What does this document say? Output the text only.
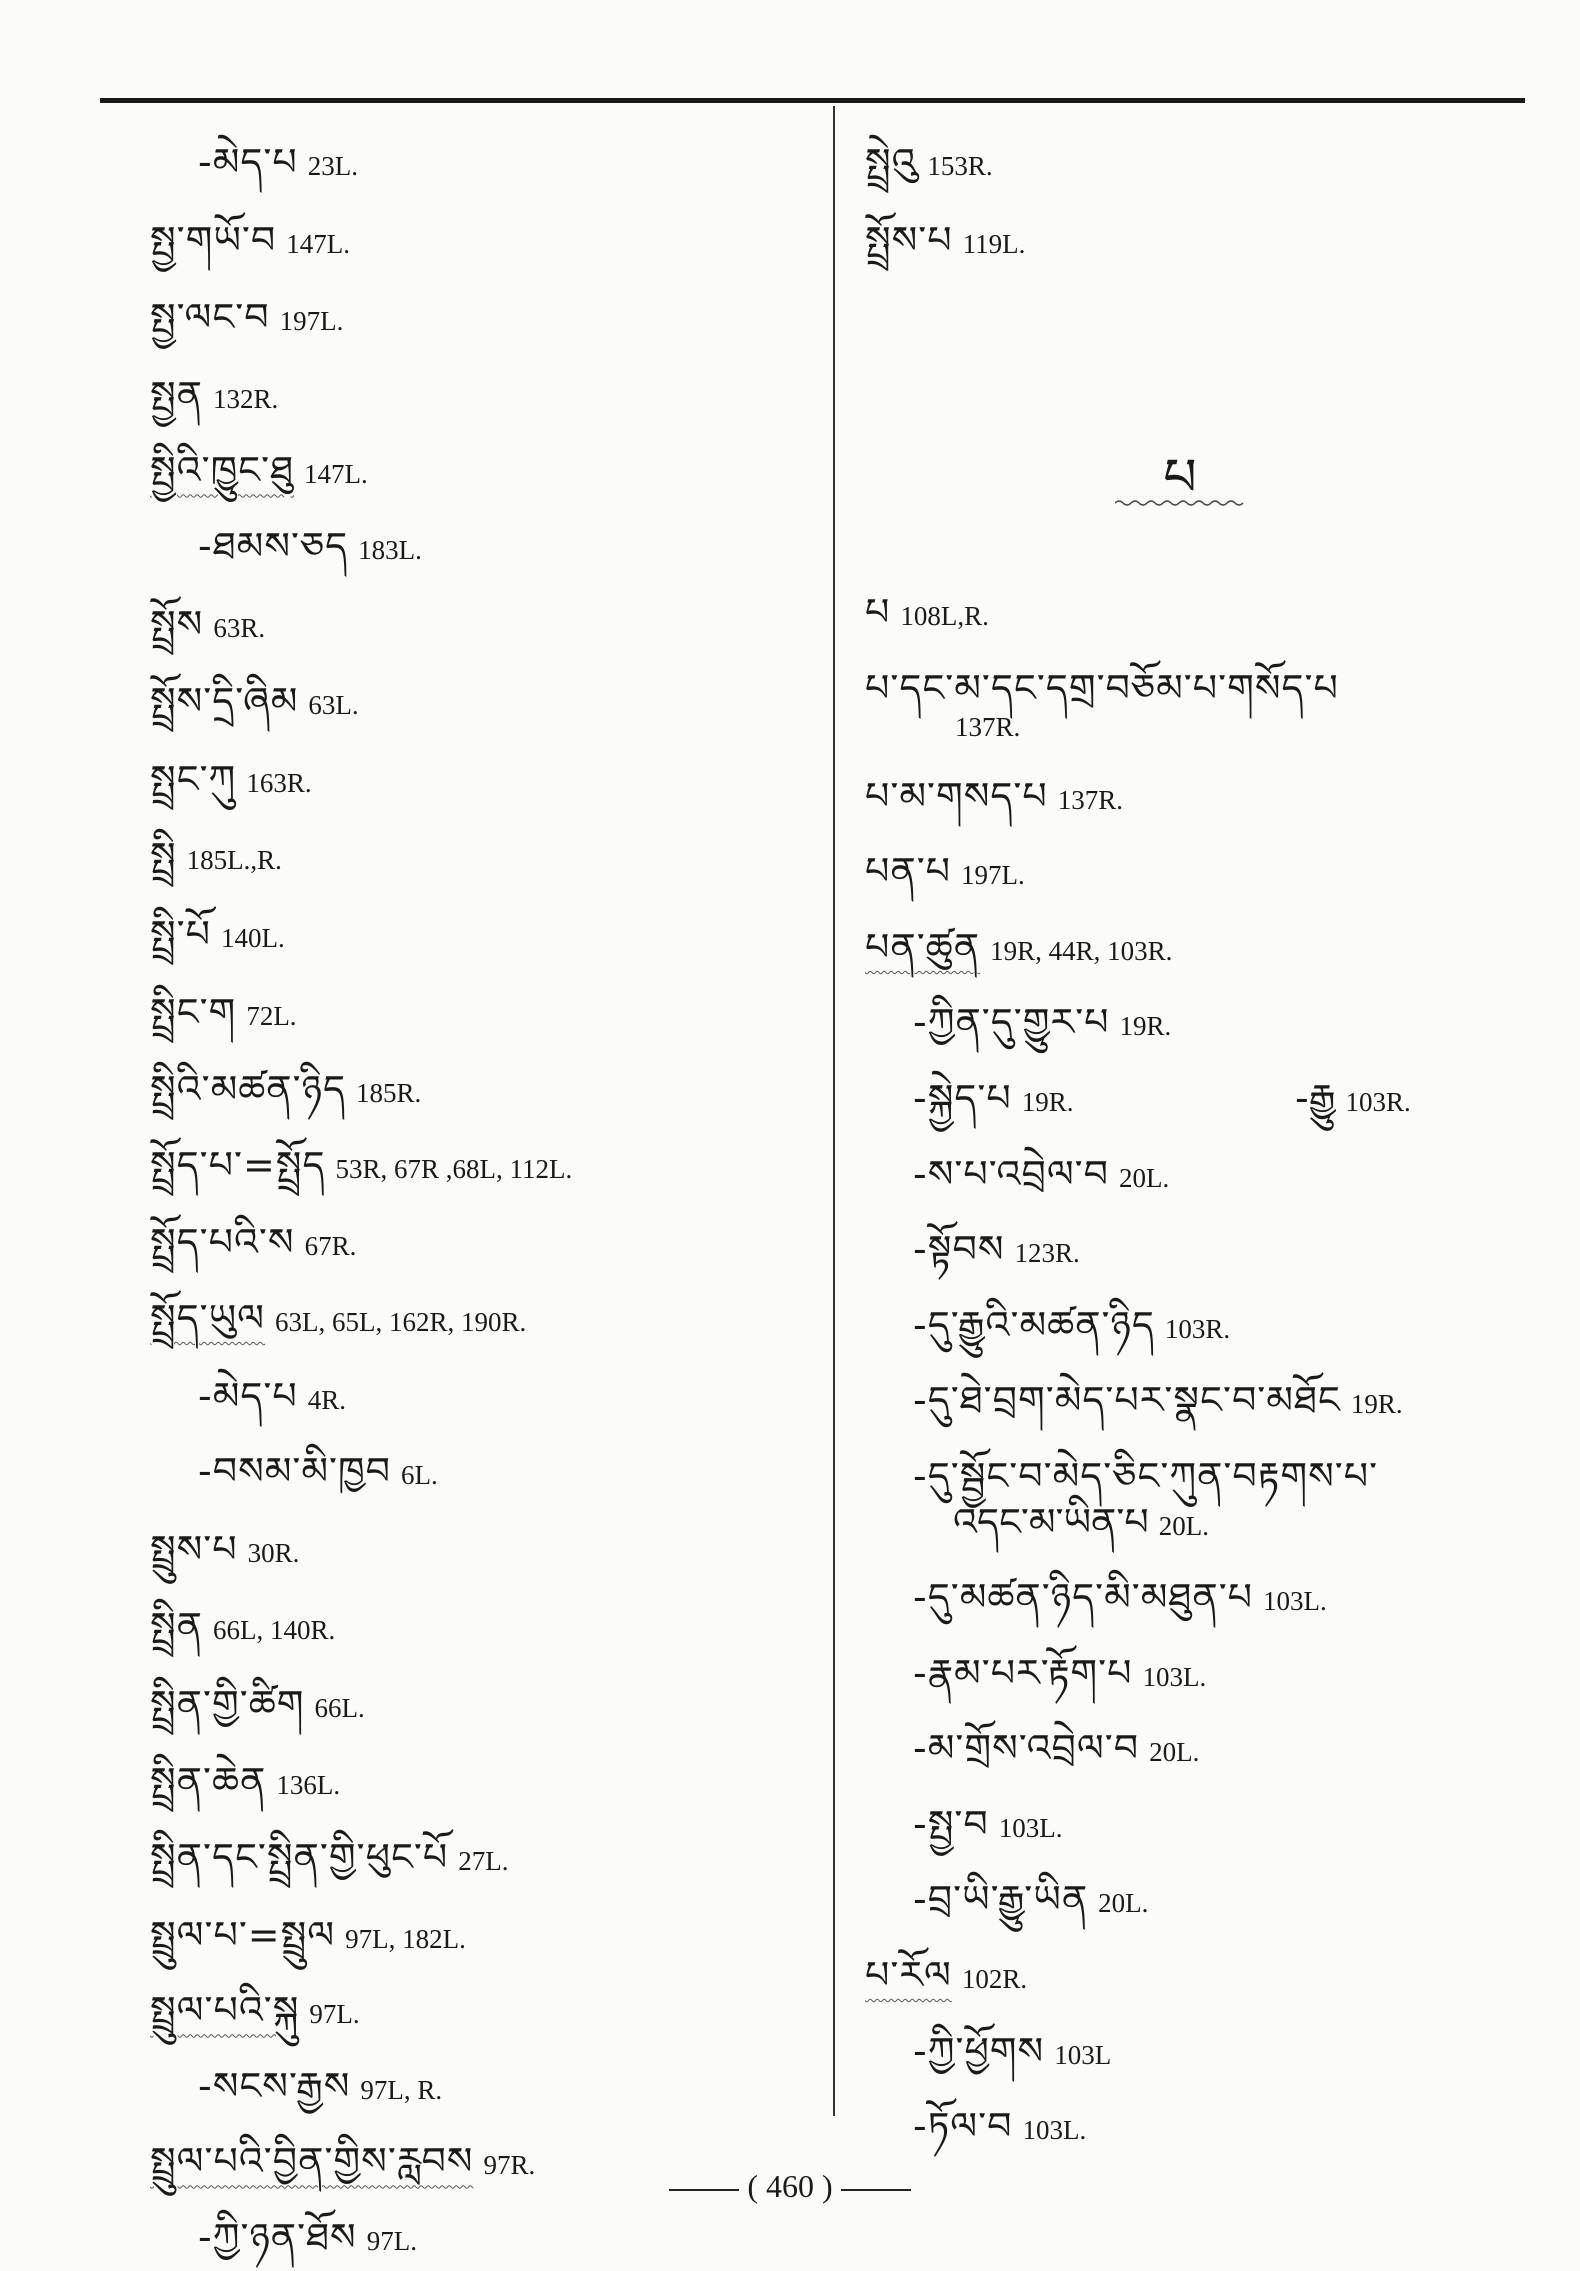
-མེད་པ 23L.
སྤྱ་གཡོ་བ 147L.
སྤྱ་ལང་བ 197L.
སྤྱན 132R.
སྤྱིའི་ཁྱུང་ཐུ 147L.
-ཐམས་ཅད 183L.
སྤྲོས 63R.
སྤྲོས་དྲི་ཞིམ 63L.
སྤྲང་ཀུ 163R.
སྤྲི 185L.,R.
སྤྲི་པོ 140L.
སྤྲིང་ག 72L.
སྤྲིའི་མཚན་ཉིད 185R.
སྤྲོད་པ༌=སྤྲོད 53R, 67R ,68L, 112L.
སྤྲོད་པའི་ས 67R.
སྤྲོད་ཡུལ 63L, 65L, 162R, 190R.
-མེད་པ 4R.
-བསམ་མི་ཁྱབ 6L.
སྤྲུས་པ 30R.
སྤྲིན 66L, 140R.
སྤྲིན་གྱི་ཚིག 66L.
སྤྲིན་ཆེན 136L.
སྤྲིན་དང་སྤྲིན་གྱི་ཕུང་པོ 27L.
སྤྲུལ་པ༌=སྤྲུལ 97L, 182L.
སྤྲུལ་པའི་སྐུ 97L.
-སངས་རྒྱས 97L, R.
སྤྲུལ་པའི་བྱིན་གྱིས་རླབས 97R.
-ཀྱི་ཉན་ཐོས 97L.
སྤྲེའུ 153R.
སྤྲོས་པ 119L.
པ
པ 108L,R.
པ་དང་མ་དང་དགྲ་བཅོམ་པ་གསོད་པ
137R.
པ་མ་གསད་པ 137R.
པན་པ 197L.
པན་ཚུན 19R, 44R, 103R.
-ཀྱིན་དུ་གྱུར་པ 19R.
-སྐྱེད་པ 19R.	-རྒྱུ 103R.
-ས་པ་འབྲེལ་བ 20L.
-སྟོབས 123R.
-དུ་རྒྱུའི་མཚན་ཉིད 103R.
-དུ་ཐེ་བྲག་མེད་པར་སྣང་བ་མཐོང 19R.
-དུ་སྦྱོང་བ་མེད་ཅིང་ཀུན་བརྟགས་པ་
འདང་མ་ཡིན་པ 20L.
-དུ་མཚན་ཉིད་མི་མཐུན་པ 103L.
-རྣམ་པར་རྟོག་པ 103L.
-མ་གྲོས་འབྲེལ་བ 20L.
-སྤྱ་བ 103L.
-བྲ་ཡི་རྒྱུ་ཡིན 20L.
པ་རོལ 102R.
-ཀྱི་ཕྱོགས 103L
-ཏོལ་བ 103L.
( 460 )
